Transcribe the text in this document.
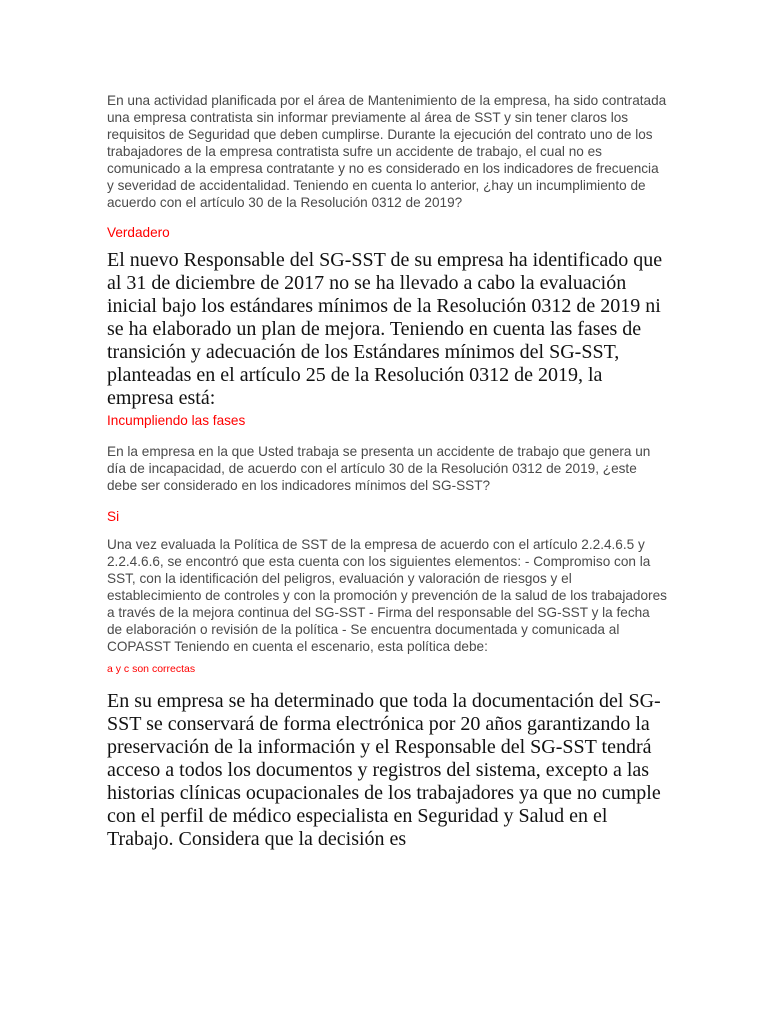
En una actividad planificada por el área de Mantenimiento de la empresa, ha sido contratada una empresa contratista sin informar previamente al área de SST y sin tener claros los requisitos de Seguridad que deben cumplirse. Durante la ejecución del contrato uno de los trabajadores de la empresa contratista sufre un accidente de trabajo, el cual no es comunicado a la empresa contratante y no es considerado en los indicadores de frecuencia y severidad de accidentalidad. Teniendo en cuenta lo anterior, ¿hay un incumplimiento de acuerdo con el artículo 30 de la Resolución 0312 de 2019?

Verdadero

El nuevo Responsable del SG-SST de su empresa ha identificado que al 31 de diciembre de 2017 no se ha llevado a cabo la evaluación inicial bajo los estándares mínimos de la Resolución 0312 de 2019 ni se ha elaborado un plan de mejora. Teniendo en cuenta las fases de transición y adecuación de los Estándares mínimos del SG-SST, planteadas en el artículo 25 de la Resolución 0312 de 2019, la empresa está:

Incumpliendo las fases

En la empresa en la que Usted trabaja se presenta un accidente de trabajo que genera un día de incapacidad, de acuerdo con el artículo 30 de la Resolución 0312 de 2019, ¿este debe ser considerado en los indicadores mínimos del SG-SST?

Si

Una vez evaluada la Política de SST de la empresa de acuerdo con el artículo 2.2.4.6.5 y 2.2.4.6.6, se encontró que esta cuenta con los siguientes elementos: - Compromiso con la SST, con la identificación del peligros, evaluación y valoración de riesgos y el establecimiento de controles y con la promoción y prevención de la salud de los trabajadores a través de la mejora continua del SG-SST - Firma del responsable del SG-SST y la fecha de elaboración o revisión de la política - Se encuentra documentada y comunicada al COPASST Teniendo en cuenta el escenario, esta política debe:

a y c son correctas

En su empresa se ha determinado que toda la documentación del SG-SST se conservará de forma electrónica por 20 años garantizando la preservación de la información y el Responsable del SG-SST tendrá acceso a todos los documentos y registros del sistema, excepto a las historias clínicas ocupacionales de los trabajadores ya que no cumple con el perfil de médico especialista en Seguridad y Salud en el Trabajo. Considera que la decisión es
